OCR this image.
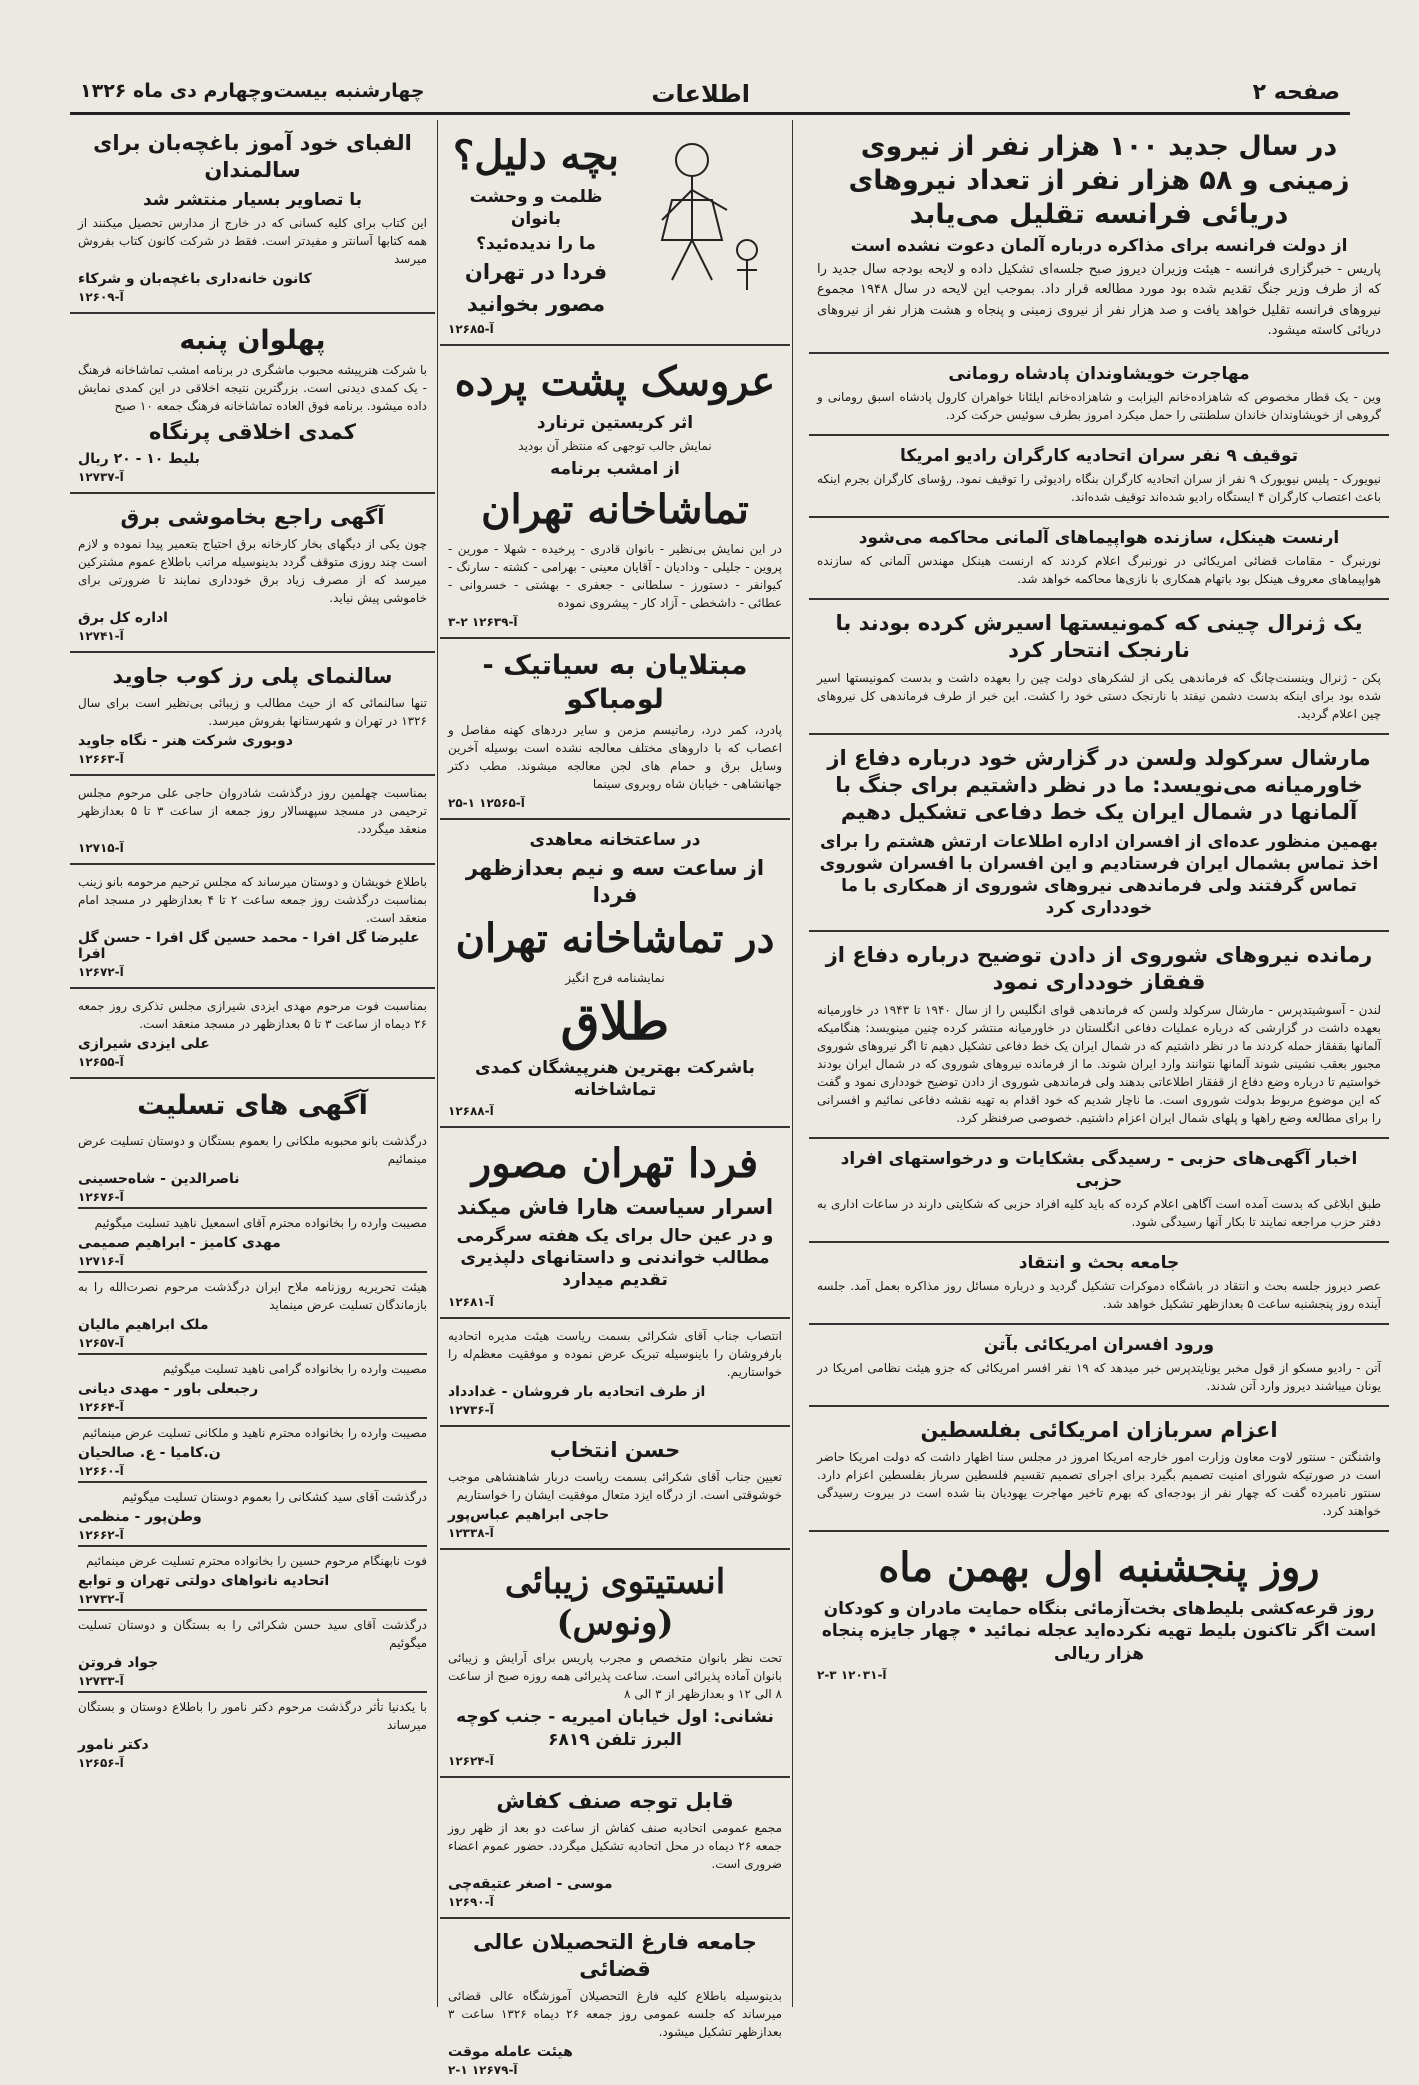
صفحه ۲
اطلاعات
چهارشنبه بیست‌وچهارم دی ماه ۱۳۲۶
در سال جدید ۱۰۰ هزار نفر از نیروی زمینی و ۵۸ هزار نفر از تعداد نیروهای دریائی فرانسه تقلیل می‌یابد
از دولت فرانسه برای مذاکره درباره آلمان دعوت نشده است
پاریس - خبرگزاری فرانسه - هیئت وزیران دیروز صبح جلسه‌ای تشکیل داده و لایحه بودجه سال جدید را که از طرف وزیر جنگ تقدیم شده بود مورد مطالعه قرار داد. بموجب این لایحه در سال ۱۹۴۸ مجموع نیروهای فرانسه تقلیل خواهد یافت و صد هزار نفر از نیروی زمینی و پنجاه و هشت هزار نفر از نیروهای دریائی کاسته میشود.
مهاجرت خویشاوندان پادشاه رومانی
وین - یک قطار مخصوص که شاهزاده‌خانم الیزابت و شاهزاده‌خانم ایلئانا خواهران کارول پادشاه اسبق رومانی و گروهی از خویشاوندان خاندان سلطنتی را حمل میکرد امروز بطرف سوئیس حرکت کرد.
توقیف ۹ نفر سران اتحادیه کارگران رادیو امریکا
نیویورک - پلیس نیویورک ۹ نفر از سران اتحادیه کارگران بنگاه رادیوئی را توقیف نمود. رؤسای کارگران بجرم اینکه باعث اعتصاب کارگران ۴ ایستگاه رادیو شده‌اند توقیف شده‌اند.
ارنست هینکل، سازنده هواپیماهای آلمانی محاکمه می‌شود
نورنبرگ - مقامات قضائی امریکائی در نورنبرگ اعلام کردند که ارنست هینکل مهندس آلمانی که سازنده هواپیماهای معروف هینکل بود باتهام همکاری با نازی‌ها محاکمه خواهد شد.
یک ژنرال چینی که کمونیستها اسیرش کرده بودند با نارنجک انتحار کرد
پکن - ژنرال وینسنت‌چانگ که فرماندهی یکی از لشکرهای دولت چین را بعهده داشت و بدست کمونیستها اسیر شده بود برای اینکه بدست دشمن نیفتد با نارنجک دستی خود را کشت. این خبر از طرف فرماندهی کل نیروهای چین اعلام گردید.
مارشال سرکولد ولسن در گزارش خود درباره دفاع از خاورمیانه می‌نویسد: ما در نظر داشتیم برای جنگ با آلمانها در شمال ایران یک خط دفاعی تشکیل دهیم
بهمین منظور عده‌ای از افسران اداره اطلاعات ارتش هشتم را برای اخذ تماس بشمال ایران فرستادیم و این افسران با افسران شوروی تماس گرفتند ولی فرماندهی نیروهای شوروی از همکاری با ما خودداری کرد
رمانده نیروهای شوروی از دادن توضیح درباره دفاع از قفقاز خودداری نمود
لندن - آسوشیتدپرس - مارشال سرکولد ولسن که فرماندهی قوای انگلیس را از سال ۱۹۴۰ تا ۱۹۴۳ در خاورمیانه بعهده داشت در گزارشی که درباره عملیات دفاعی انگلستان در خاورمیانه منتشر کرده چنین مینویسد: هنگامیکه آلمانها بقفقاز حمله کردند ما در نظر داشتیم که در شمال ایران یک خط دفاعی تشکیل دهیم تا اگر نیروهای شوروی مجبور بعقب نشینی شوند آلمانها نتوانند وارد ایران شوند. ما از فرمانده نیروهای شوروی که در شمال ایران بودند خواستیم تا درباره وضع دفاع از قفقاز اطلاعاتی بدهند ولی فرماندهی شوروی از دادن توضیح خودداری نمود و گفت که این موضوع مربوط بدولت شوروی است. ما ناچار شدیم که خود اقدام به تهیه نقشه دفاعی نمائیم و افسرانی را برای مطالعه وضع راهها و پلهای شمال ایران اعزام داشتیم. خصوصی صرفنظر کرد.
اخبار آگهی‌های حزبی - رسیدگی بشکایات و درخواستهای افراد حزبی
طبق ابلاغی که بدست آمده است آگاهی اعلام کرده که باید کلیه افراد حزبی که شکایتی دارند در ساعات اداری به دفتر حزب مراجعه نمایند تا بکار آنها رسیدگی شود.
جامعه بحث و انتقاد
عصر دیروز جلسه بحث و انتقاد در باشگاه دموکرات تشکیل گردید و درباره مسائل روز مذاکره بعمل آمد. جلسه آینده روز پنجشنبه ساعت ۵ بعدازظهر تشکیل خواهد شد.
ورود افسران امریکائی بآتن
آتن - رادیو مسکو از قول مخبر یونایتدپرس خبر میدهد که ۱۹ نفر افسر امریکائی که جزو هیئت نظامی امریکا در یونان میباشند دیروز وارد آتن شدند.
اعزام سربازان امریکائی بفلسطین
واشنگتن - سنتور لاوت معاون وزارت امور خارجه امریکا امروز در مجلس سنا اظهار داشت که دولت امریکا حاضر است در صورتیکه شورای امنیت تصمیم بگیرد برای اجرای تصمیم تقسیم فلسطین سرباز بفلسطین اعزام دارد. سنتور نامبرده گفت که چهار نفر از بودجه‌ای که بهرم تاخیر مهاجرت یهودیان بنا شده است در بیروت رسیدگی خواهند کرد.
روز پنجشنبه اول بهمن ماه
روز قرعه‌کشی بلیط‌های بخت‌آزمائی بنگاه حمایت مادران و کودکان است اگر تاکنون بلیط تهیه نکرده‌اید عجله نمائید • چهار جایزه پنجاه هزار ریالی
۲-۳ آ-۱۲۰۳۱
بچه دلیل؟
ظلمت و وحشت بانوان
ما را ندیده‌ئید؟
فردا در تهران
مصور بخوانید
آ-۱۲۶۸۵
عروسک پشت پرده
اثر کریستین ترنارد
نمایش جالب توجهی که منتظر آن بودید
از امشب برنامه
تماشاخانه تهران
در این نمایش بی‌نظیر - بانوان قادری - پرخیده - شهلا - مورین - پروین - جلیلی - ودادیان - آقایان معینی - بهرامی - کشته - سارنگ - کیوانفر - دستورز - سلطانی - جعفری - بهشتی - خسروانی - عطائی - داشخطی - آزاد کار - پیشروی نموده
آ-۱۲۶۳۹ ۲-۳
مبتلایان به سیاتیک - لومباکو
پادرد، کمر درد، رماتیسم مزمن و سایر دردهای کهنه مفاصل و اعصاب که با داروهای مختلف معالجه نشده است بوسیله آخرین وسایل برق و حمام های لجن معالجه میشوند. مطب دکتر جهانشاهی - خیابان شاه روبروی سینما
آ-۱۲۵۶۵ ۱-۲۵
در ساعتخانه معاهدی
از ساعت سه و نیم بعدازظهر فردا
در تماشاخانه تهران
نمایشنامه فرج انگیز
طلاق
باشرکت بهترین هنرپیشگان کمدی تماشاخانه
آ-۱۲۶۸۸
فردا تهران مصور
اسرار سیاست هارا فاش میکند
و در عین حال برای یک هفته سرگرمی مطالب خواندنی و داستانهای دلپذیری تقدیم میدارد
آ-۱۲۶۸۱
انتصاب جناب آقای شکرائی بسمت ریاست هیئت مدیره اتحادیه بارفروشان را باینوسیله تبریک عرض نموده و موفقیت معظم‌له را خواستاریم.
از طرف اتحادیه بار فروشان - غدادداد
آ-۱۲۷۳۶
حسن انتخاب
تعیین جناب آقای شکرائی بسمت ریاست دربار شاهنشاهی موجب خوشوقتی است. از درگاه ایزد متعال موفقیت ایشان را خواستاریم
حاجی ابراهیم عباس‌پور
آ-۱۲۳۳۸
انستیتوی زیبائی (ونوس)
تحت نظر بانوان متخصص و مجرب پاریس برای آرایش و زیبائی بانوان آماده پذیرائی است. ساعت پذیرائی همه روزه صبح از ساعت ۸ الی ۱۲ و بعدازظهر از ۳ الی ۸
نشانی: اول خیابان امیریه - جنب کوچه البرز تلفن ۶۸۱۹
آ-۱۲۶۲۴
قابل توجه صنف کفاش
مجمع عمومی اتحادیه صنف کفاش از ساعت دو بعد از ظهر روز جمعه ۲۶ دیماه در محل اتحادیه تشکیل میگردد. حضور عموم اعضاء ضروری است.
موسی - اصغر عتیقه‌چی
آ-۱۲۶۹۰
جامعه فارغ التحصیلان عالی قضائی
بدینوسیله باطلاع کلیه فارغ التحصیلان آموزشگاه عالی قضائی میرساند که جلسه عمومی روز جمعه ۲۶ دیماه ۱۳۲۶ ساعت ۳ بعدازظهر تشکیل میشود.
هیئت عامله موقت
آ-۱۲۶۷۹ ۱-۲
الفبای خود آموز باغچه‌بان برای سالمندان
با تصاویر بسیار منتشر شد
این کتاب برای کلیه کسانی که در خارج از مدارس تحصیل میکنند از همه کتابها آسانتر و مفید‌تر است. فقط در شرکت کانون کتاب بفروش میرسد
کانون خانه‌داری باغچه‌بان و شرکاء
آ-۱۲۶۰۹
پهلوان پنبه
با شرکت هنرپیشه محبوب ماشگری در برنامه امشب تماشاخانه فرهنگ - یک کمدی دیدنی است. بزرگترین نتیجه اخلاقی در این کمدی نمایش داده میشود. برنامه فوق العاده تماشاخانه فرهنگ جمعه ۱۰ صبح
کمدی اخلاقی پرنگاه
بلیط ۱۰ - ۲۰ ریال
آ-۱۲۷۳۷
آگهی راجع بخاموشی برق
چون یکی از دیگهای بخار کارخانه برق احتیاج بتعمیر پیدا نموده و لازم است چند روزی متوقف گردد بدینوسیله مراتب باطلاع عموم مشترکین میرسد که از مصرف زیاد برق خودداری نمایند تا ضرورتی برای خاموشی پیش نیاید.
اداره کل برق
آ-۱۲۷۴۱
سالنمای پلی رز کوب جاوید
تنها سالنمائی که از حیث مطالب و زیبائی بی‌نظیر است برای سال ۱۳۲۶ در تهران و شهرستانها بفروش میرسد.
دوبوری شرکت هنر - نگاه جاوید
آ-۱۲۶۶۳
بمناسبت چهلمین روز درگذشت شادروان حاجی علی مرحوم مجلس ترحیمی در مسجد سپهسالار روز جمعه از ساعت ۳ تا ۵ بعدازظهر منعقد میگردد.
آ-۱۲۷۱۵
باطلاع خویشان و دوستان میرساند که مجلس ترحیم مرحومه بانو زینب بمناسبت درگذشت روز جمعه ساعت ۲ تا ۴ بعدازظهر در مسجد امام منعقد است.
علیرضا گل افرا - محمد حسین گل افرا - حسن گل افرا
آ-۱۲۶۷۲
بمناسبت فوت مرحوم مهدی ایزدی شیرازی مجلس تذکری روز جمعه ۲۶ دیماه از ساعت ۳ تا ۵ بعدازظهر در مسجد منعقد است.
علی ایزدی شیرازی
آ-۱۲۶۵۵
آگهی های تسلیت
درگذشت بانو محبوبه ملکانی را بعموم بستگان و دوستان تسلیت عرض مینمائیم
ناصرالدین - شاه‌حسینی
آ-۱۲۶۷۶
مصیبت وارده را بخانواده محترم آقای اسمعیل ناهید تسلیت میگوئیم
مهدی کامیز - ابراهیم صمیمی
آ-۱۲۷۱۶
هیئت تحریریه روزنامه ملاح ایران درگذشت مرحوم نصرت‌الله را به بازماندگان تسلیت عرض مینماید
ملک ابراهیم مالیان
آ-۱۲۶۵۷
مصیبت وارده را بخانواده گرامی ناهید تسلیت میگوئیم
رجبعلی باور - مهدی دیانی
آ-۱۲۶۶۴
مصیبت وارده را بخانواده محترم ناهید و ملکانی تسلیت عرض مینمائیم
ن.کامیا - ع. صالحیان
آ-۱۲۶۶۰
درگذشت آقای سید کشکانی را بعموم دوستان تسلیت میگوئیم
وطن‌پور - منظمی
آ-۱۲۶۶۲
فوت نابهنگام مرحوم حسین را بخانواده محترم تسلیت عرض مینمائیم
اتحادیه نانواهای دولتی تهران و توابع
آ-۱۲۷۳۲
درگذشت آقای سید حسن شکرائی را به بستگان و دوستان تسلیت میگوئیم
جواد فروتن
آ-۱۲۷۳۳
با یکدنیا تأثر درگذشت مرحوم دکتر نامور را باطلاع دوستان و بستگان میرساند
دکتر نامور
آ-۱۲۶۵۶
